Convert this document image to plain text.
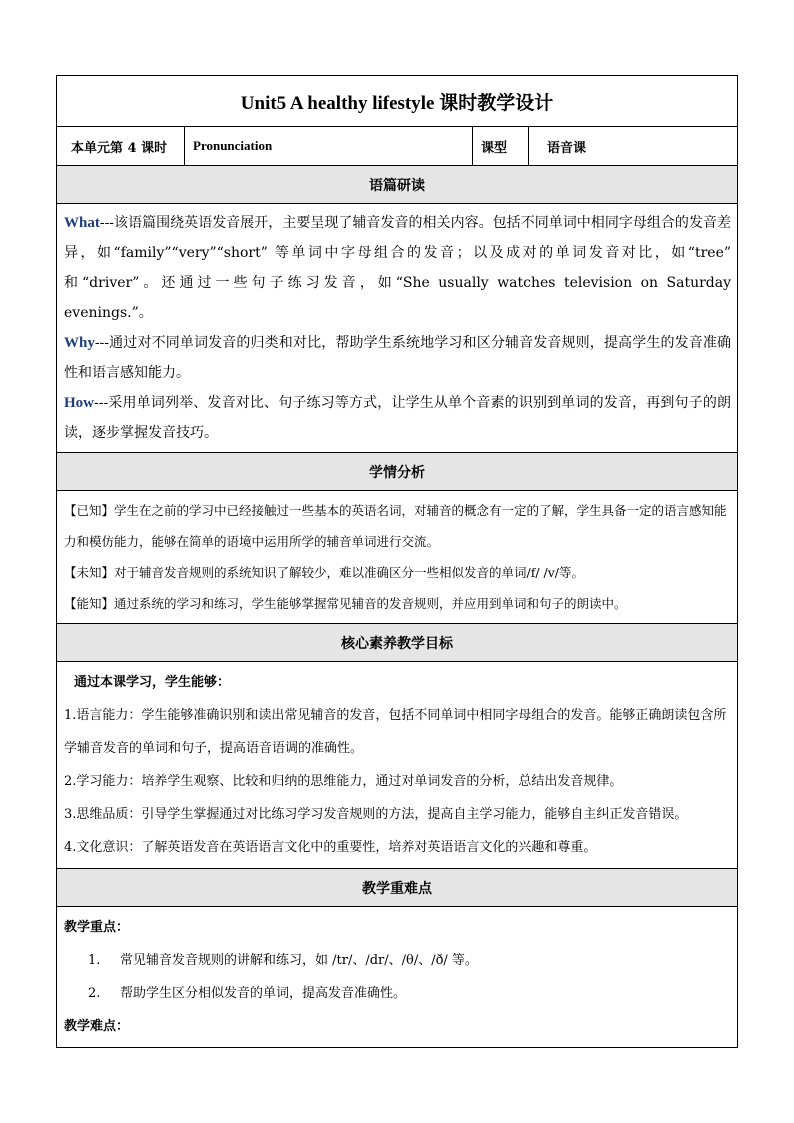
Unit5 A healthy lifestyle 课时教学设计
本单元第 4 课时	Pronunciation	课型	语音课
语篇研读

What---该语篇围绕英语发音展开，主要呈现了辅音发音的相关内容。包括不同单词中相同字母组合的发音差异，如“family”“very”“short” 等单词中字母组合的发音；以及成对的单词发音对比，如“tree” 和“driver”。还通过一些句子练习发音，如“She usually watches television on Saturday evenings.”。

Why---通过对不同单词发音的归类和对比，帮助学生系统地学习和区分辅音发音规则，提高学生的发音准确性和语言感知能力。

How---采用单词列举、发音对比、句子练习等方式，让学生从单个音素的识别到单词的发音，再到句子的朗读，逐步掌握发音技巧。

学情分析

【已知】学生在之前的学习中已经接触过一些基本的英语名词，对辅音的概念有一定的了解，学生具备一定的语言感知能力和模仿能力，能够在简单的语境中运用所学的辅音单词进行交流。

【未知】对于辅音发音规则的系统知识了解较少，难以准确区分一些相似发音的单词/f/ /v/等。

【能知】通过系统的学习和练习，学生能够掌握常见辅音的发音规则，并应用到单词和句子的朗读中。

核心素养教学目标

通过本课学习，学生能够：

1.语言能力：学生能够准确识别和读出常见辅音的发音，包括不同单词中相同字母组合的发音。能够正确朗读包含所学辅音发音的单词和句子，提高语音语调的准确性。

2.学习能力：培养学生观察、比较和归纳的思维能力，通过对单词发音的分析，总结出发音规律。

3.思维品质：引导学生掌握通过对比练习学习发音规则的方法，提高自主学习能力，能够自主纠正发音错误。

4.文化意识：了解英语发音在英语语言文化中的重要性，培养对英语语言文化的兴趣和尊重。

教学重难点

教学重点：

1. 常见辅音发音规则的讲解和练习，如 /tr/、/dr/、/θ/、/ð/ 等。

2. 帮助学生区分相似发音的单词，提高发音准确性。

教学难点：
